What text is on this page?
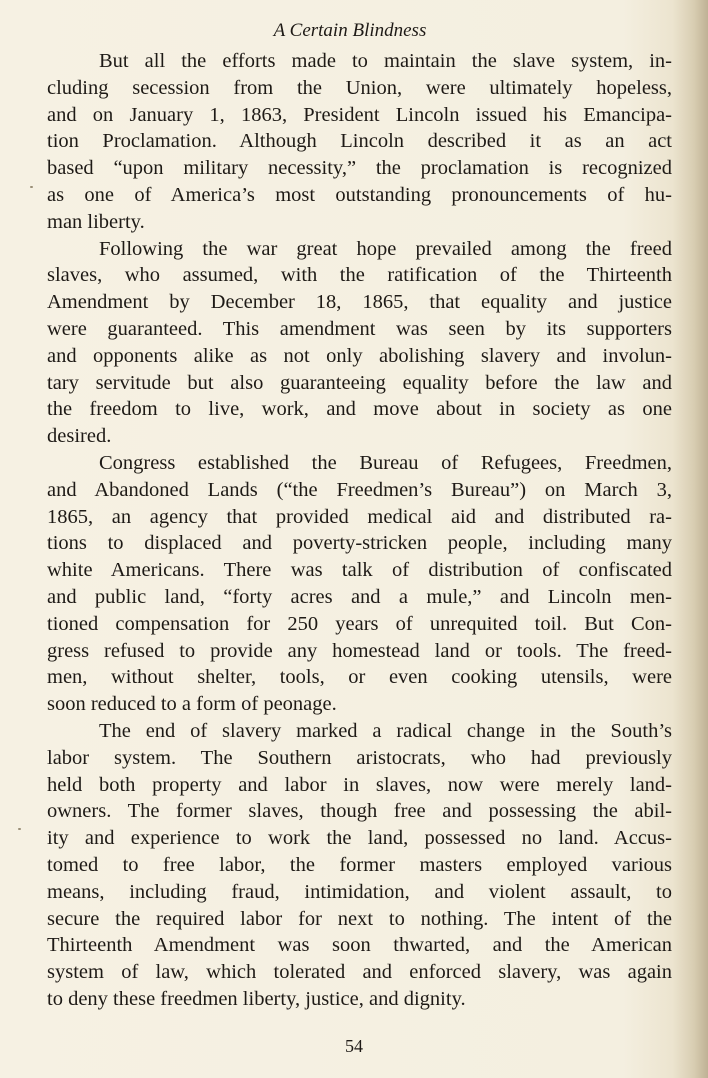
A Certain Blindness
But all the efforts made to maintain the slave system, in-
cluding secession from the Union, were ultimately hopeless,
and on January 1, 1863, President Lincoln issued his Emancipa-
tion Proclamation. Although Lincoln described it as an act
based “upon military necessity,” the proclamation is recognized
as one of America’s most outstanding pronouncements of hu-
man liberty.
Following the war great hope prevailed among the freed
slaves, who assumed, with the ratification of the Thirteenth
Amendment by December 18, 1865, that equality and justice
were guaranteed. This amendment was seen by its supporters
and opponents alike as not only abolishing slavery and involun-
tary servitude but also guaranteeing equality before the law and
the freedom to live, work, and move about in society as one
desired.
Congress established the Bureau of Refugees, Freedmen,
and Abandoned Lands (“the Freedmen’s Bureau”) on March 3,
1865, an agency that provided medical aid and distributed ra-
tions to displaced and poverty-stricken people, including many
white Americans. There was talk of distribution of confiscated
and public land, “forty acres and a mule,” and Lincoln men-
tioned compensation for 250 years of unrequited toil. But Con-
gress refused to provide any homestead land or tools. The freed-
men, without shelter, tools, or even cooking utensils, were
soon reduced to a form of peonage.
The end of slavery marked a radical change in the South’s
labor system. The Southern aristocrats, who had previously
held both property and labor in slaves, now were merely land-
owners. The former slaves, though free and possessing the abil-
ity and experience to work the land, possessed no land. Accus-
tomed to free labor, the former masters employed various
means, including fraud, intimidation, and violent assault, to
secure the required labor for next to nothing. The intent of the
Thirteenth Amendment was soon thwarted, and the American
system of law, which tolerated and enforced slavery, was again
to deny these freedmen liberty, justice, and dignity.
54
